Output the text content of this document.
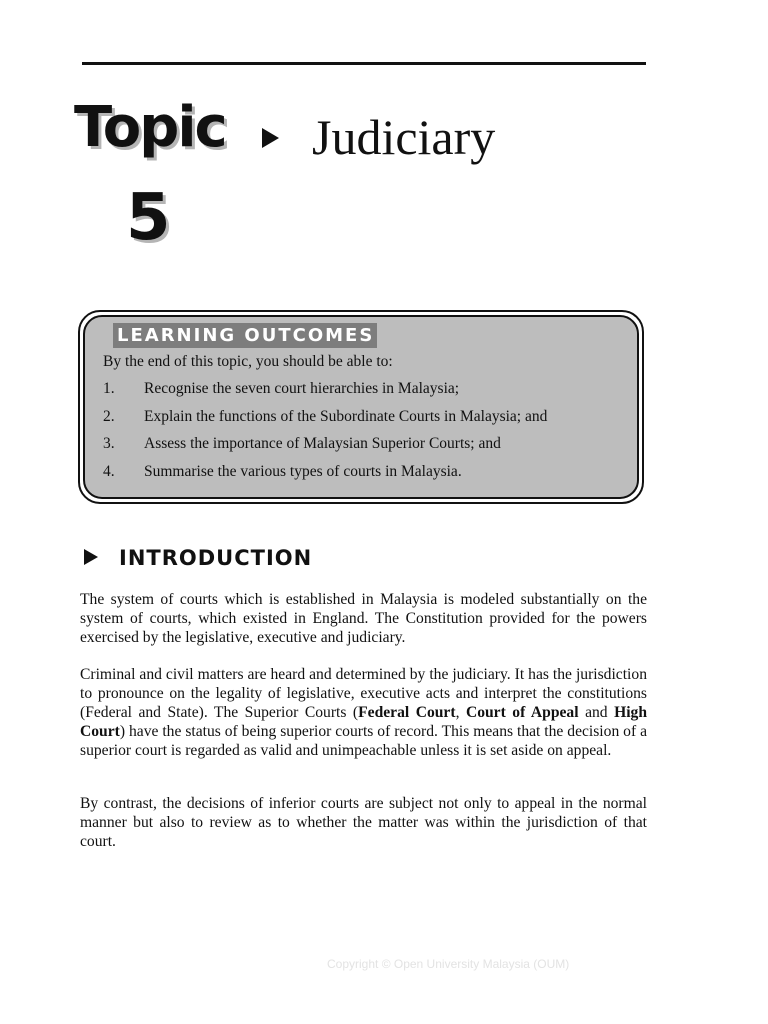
Topic
5
Judiciary
LEARNING OUTCOMES
By the end of this topic, you should be able to:
1.	Recognise the seven court hierarchies in Malaysia;
2.	Explain the functions of the Subordinate Courts in Malaysia; and
3.	Assess the importance of Malaysian Superior Courts; and
4.	Summarise the various types of courts in Malaysia.
INTRODUCTION

The system of courts which is established in Malaysia is modeled substantially on the system of courts, which existed in England. The Constitution provided for the powers exercised by the legislative, executive and judiciary.

Criminal and civil matters are heard and determined by the judiciary. It has the jurisdiction to pronounce on the legality of legislative, executive acts and interpret the constitutions (Federal and State). The Superior Courts (Federal Court, Court of Appeal and High Court) have the status of being superior courts of record. This means that the decision of a superior court is regarded as valid and unimpeachable unless it is set aside on appeal.

By contrast, the decisions of inferior courts are subject not only to appeal in the normal manner but also to review as to whether the matter was within the jurisdiction of that court.

Copyright © Open University Malaysia (OUM)
